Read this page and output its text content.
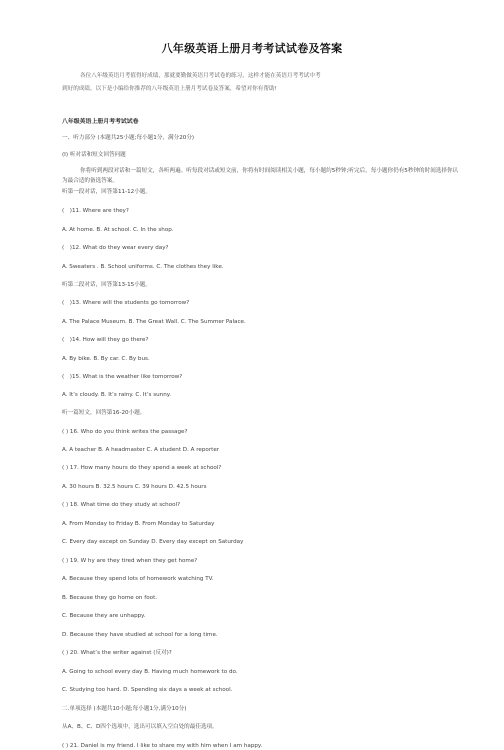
八年级英语上册月考考试试卷及答案

各位八年级英语月考值得好成绩，那就要勤做英语月考试卷的练习，这样才能在英语月考考试中考

到好的成绩。以下是小编给你推荐的八年级英语上册月考试卷及答案，希望对你有帮助!

八年级英语上册月考考试试卷
一、听力部分 (本题共25小题;每小题1分，满分20分)
(I) 听对话和短文回答问题
你将听到两段对话和一篇短文，各听两遍。听每段对话或短文前，你将有时间阅读相关小题，每小题約5秒钟;听完后，每小题你仍有5秒钟的时间选择你认为最合适的备选答案。
听第一段对话，回答第11-12小题。
(　)11. Where are they?
A. At home. B. At school. C. In the shop.
(　)12. What do they wear every day?
A. Sweaters . B. School uniforms. C. The clothes they like.
听第二段对话，回答第13-15小题。
(　)13. Where will the students go tomorrow?
A. The Palace Museum. B. The Great Wall. C. The Summer Palace.
(　)14. How will they go there?
A. By bike. B. By car. C. By bus.
(　)15. What is the weather like tomorrow?
A. It’s cloudy. B. It’s rainy. C. It’s sunny.
听一篇短文，回答第16-20小题。
( ) 16. Who do you think writes the passage?
A. A teacher B. A headmaster C. A student D. A reporter
( ) 17. How many hours do they spend a week at school?
A. 30 hours B. 32.5 hours C. 39 hours D. 42.5 hours
( ) 18. What time do they study at school?
A. From Monday to Friday B. From Monday to Saturday
C. Every day except on Sunday D. Every day except on Saturday
( ) 19. W hy are they tired when they get home?
A. Because they spend lots of homework watching TV.
B. Because they go home on foot.
C. Because they are unhappy.
D. Because they have studied at school for a long time.
( ) 20. What’s the writer against (反对)?
A. Going to school every day B. Having much homework to do.
C. Studying too hard. D. Spending six days a week at school.
二.单项选择 (本题共10小题;每小题1分,满分10分)
从A、B、C、D四个选项中，选出可以填入空白处的最佳选项。
( ) 21. Daniel is my friend. I like to share my with him when I am happy.
